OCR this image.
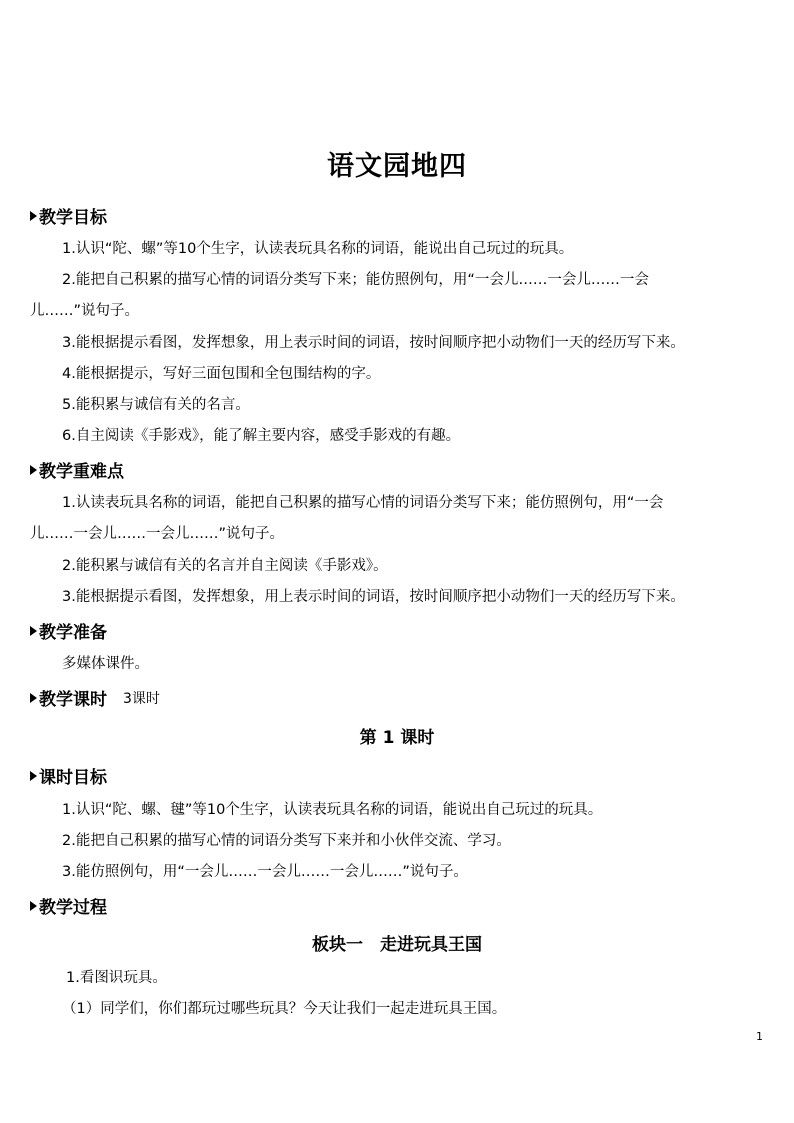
语文园地四
教学目标
1.认识“陀、螺”等10个生字，认读表玩具名称的词语，能说出自己玩过的玩具。
2.能把自己积累的描写心情的词语分类写下来；能仿照例句，用“一会儿……一会儿……一会
儿……”说句子。
3.能根据提示看图，发挥想象，用上表示时间的词语，按时间顺序把小动物们一天的经历写下来。
4.能根据提示，写好三面包围和全包围结构的字。
5.能积累与诚信有关的名言。
6.自主阅读《手影戏》，能了解主要内容，感受手影戏的有趣。
教学重难点
1.认读表玩具名称的词语，能把自己积累的描写心情的词语分类写下来；能仿照例句，用“一会
儿……一会儿……一会儿……”说句子。
2.能积累与诚信有关的名言并自主阅读《手影戏》。
3.能根据提示看图，发挥想象，用上表示时间的词语，按时间顺序把小动物们一天的经历写下来。
教学准备
多媒体课件。
教学课时 3课时
第 1 课时
课时目标
1.认识“陀、螺、毽”等10个生字，认读表玩具名称的词语，能说出自己玩过的玩具。
2.能把自己积累的描写心情的词语分类写下来并和小伙伴交流、学习。
3.能仿照例句，用“一会儿……一会儿……一会儿……”说句子。
教学过程
板块一　走进玩具王国
1.看图识玩具。
（1）同学们，你们都玩过哪些玩具？今天让我们一起走进玩具王国。
1
